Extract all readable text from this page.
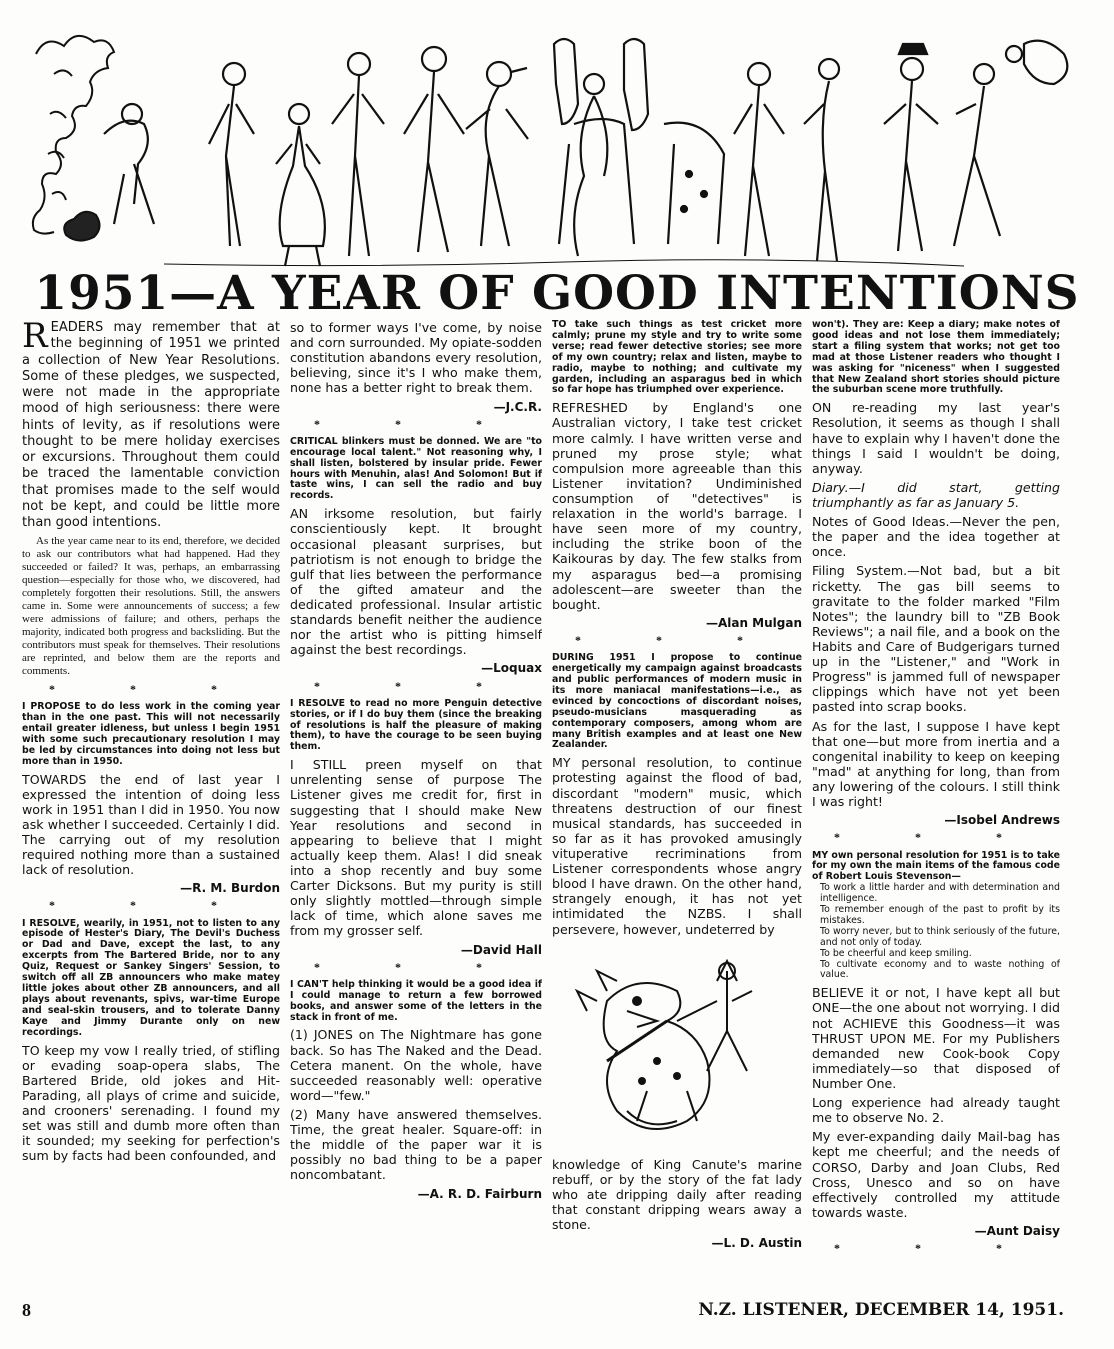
1951—A YEAR OF GOOD INTENTIONS

READERS may remember that at the beginning of 1951 we printed a collection of New Year Resolutions. Some of these pledges, we suspected, were not made in the appropriate mood of high seriousness: there were hints of levity, as if resolutions were thought to be mere holiday exercises or excursions. Throughout them could be traced the lamentable conviction that promises made to the self would not be kept, and could be little more than good intentions.

As the year came near to its end, therefore, we decided to ask our contributors what had happened. Had they succeeded or failed? It was, perhaps, an embarrassing question—especially for those who, we discovered, had completely forgotten their resolutions. Still, the answers came in. Some were announcements of success; a few were admissions of failure; and others, perhaps the majority, indicated both progress and backsliding. But the contributors must speak for themselves. Their resolutions are reprinted, and below them are the reports and comments.

* * *

I PROPOSE to do less work in the coming year than in the one past. This will not necessarily entail greater idleness, but unless I begin 1951 with some such precautionary resolution I may be led by circumstances into doing not less but more than in 1950.

TOWARDS the end of last year I expressed the intention of doing less work in 1951 than I did in 1950. You now ask whether I succeeded. Certainly I did. The carrying out of my resolution required nothing more than a sustained lack of resolution.

—R. M. Burdon
* * *

I RESOLVE, wearily, in 1951, not to listen to any episode of Hester's Diary, The Devil's Duchess or Dad and Dave, except the last, to any excerpts from The Bartered Bride, nor to any Quiz, Request or Sankey Singers' Session, to switch off all ZB announcers who make matey little jokes about other ZB announcers, and all plays about revenants, spivs, war-time Europe and seal-skin trousers, and to tolerate Danny Kaye and Jimmy Durante only on new recordings.

TO keep my vow I really tried, of stifling or evading soap-opera slabs, The Bartered Bride, old jokes and Hit-Parading, all plays of crime and suicide, and crooners' serenading. I found my set was still and dumb more often than it sounded; my seeking for perfection's sum by facts had been confounded, and

so to former ways I've come, by noise and corn surrounded. My opiate-sodden constitution abandons every resolution, believing, since it's I who make them, none has a better right to break them.

—J.C.R.
* * *

CRITICAL blinkers must be donned. We are "to encourage local talent." Not reasoning why, I shall listen, bolstered by insular pride. Fewer hours with Menuhin, alas! And Solomon! But if taste wins, I can sell the radio and buy records.

AN irksome resolution, but fairly conscientiously kept. It brought occasional pleasant surprises, but patriotism is not enough to bridge the gulf that lies between the performance of the gifted amateur and the dedicated professional. Insular artistic standards benefit neither the audience nor the artist who is pitting himself against the best recordings.

—Loquax
* * *

I RESOLVE to read no more Penguin detective stories, or if I do buy them (since the breaking of resolutions is half the pleasure of making them), to have the courage to be seen buying them.

I STILL preen myself on that unrelenting sense of purpose The Listener gives me credit for, first in suggesting that I should make New Year resolutions and second in appearing to believe that I might actually keep them. Alas! I did sneak into a shop recently and buy some Carter Dicksons. But my purity is still only slightly mottled—through simple lack of time, which alone saves me from my grosser self.

—David Hall
* * *

I CAN'T help thinking it would be a good idea if I could manage to return a few borrowed books, and answer some of the letters in the stack in front of me.

(1) JONES on The Nightmare has gone back. So has The Naked and the Dead. Cetera manent. On the whole, have succeeded reasonably well: operative word—"few."

(2) Many have answered themselves. Time, the great healer. Square-off: in the middle of the paper war it is possibly no bad thing to be a paper noncombatant.

—A. R. D. Fairburn

TO take such things as test cricket more calmly; prune my style and try to write some verse; read fewer detective stories; see more of my own country; relax and listen, maybe to radio, maybe to nothing; and cultivate my garden, including an asparagus bed in which so far hope has triumphed over experience.

REFRESHED by England's one Australian victory, I take test cricket more calmly. I have written verse and pruned my prose style; what compulsion more agreeable than this Listener invitation? Undiminished consumption of "detectives" is relaxation in the world's barrage. I have seen more of my country, including the strike boon of the Kaikouras by day. The few stalks from my asparagus bed—a promising adolescent—are sweeter than the bought.

—Alan Mulgan
* * *

DURING 1951 I propose to continue energetically my campaign against broadcasts and public performances of modern music in its more maniacal manifestations—i.e., as evinced by concoctions of discordant noises, pseudo-musicians masquerading as contemporary composers, among whom are many British examples and at least one New Zealander.

MY personal resolution, to continue protesting against the flood of bad, discordant "modern" music, which threatens destruction of our finest musical standards, has succeeded in so far as it has provoked amusingly vituperative recriminations from Listener correspondents whose angry blood I have drawn. On the other hand, strangely enough, it has not yet intimidated the NZBS. I shall persevere, however, undeterred by

knowledge of King Canute's marine rebuff, or by the story of the fat lady who ate dripping daily after reading that constant dripping wears away a stone.

—L. D. Austin

won't). They are: Keep a diary; make notes of good ideas and not lose them immediately; start a filing system that works; not get too mad at those Listener readers who thought I was asking for "niceness" when I suggested that New Zealand short stories should picture the suburban scene more truthfully.

ON re-reading my last year's Resolution, it seems as though I shall have to explain why I haven't done the things I said I wouldn't be doing, anyway.

Diary.—I did start, getting triumphantly as far as January 5.

Notes of Good Ideas.—Never the pen, the paper and the idea together at once.

Filing System.—Not bad, but a bit ricketty. The gas bill seems to gravitate to the folder marked "Film Notes"; the laundry bill to "ZB Book Reviews"; a nail file, and a book on the Habits and Care of Budgerigars turned up in the "Listener," and "Work in Progress" is jammed full of newspaper clippings which have not yet been pasted into scrap books.

As for the last, I suppose I have kept that one—but more from inertia and a congenital inability to keep on keeping "mad" at anything for long, than from any lowering of the colours. I still think I was right!

—Isobel Andrews
* * *

MY own personal resolution for 1951 is to take for my own the main items of the famous code of Robert Louis Stevenson—
To work a little harder and with determination and intelligence.
To remember enough of the past to profit by its mistakes.
To worry never, but to think seriously of the future, and not only of today.
To be cheerful and keep smiling.
To cultivate economy and to waste nothing of value.

BELIEVE it or not, I have kept all but ONE—the one about not worrying. I did not ACHIEVE this Goodness—it was THRUST UPON ME. For my Publishers demanded new Cook-book Copy immediately—so that disposed of Number One.

Long experience had already taught me to observe No. 2.

My ever-expanding daily Mail-bag has kept me cheerful; and the needs of CORSO, Darby and Joan Clubs, Red Cross, Unesco and so on have effectively controlled my attitude towards waste.

—Aunt Daisy
* * *

8	N.Z. LISTENER, DECEMBER 14, 1951.
